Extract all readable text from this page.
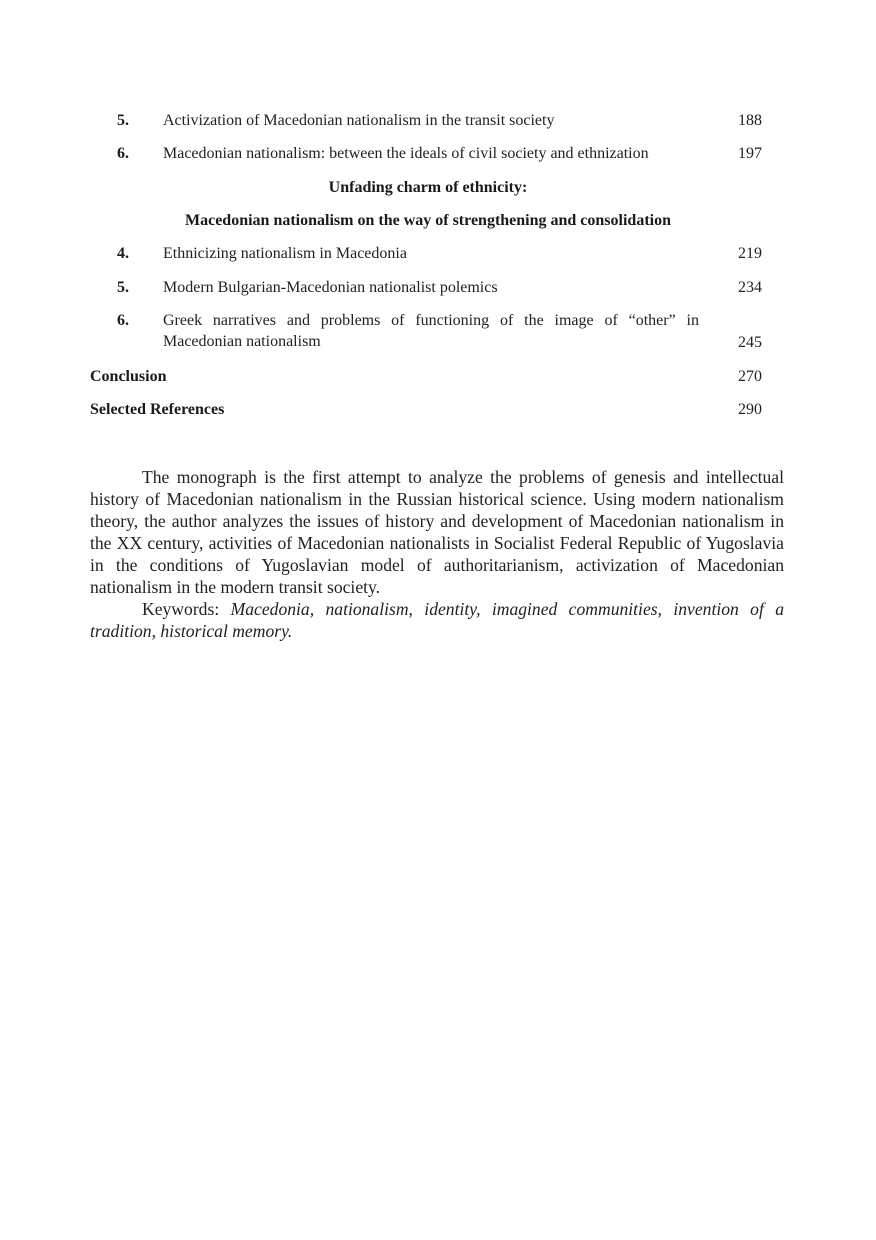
5. Activization of Macedonian nationalism in the transit society	188
6. Macedonian nationalism: between the ideals of civil society and ethnization	197
Unfading charm of ethnicity:
Macedonian nationalism on the way of strengthening and consolidation
4. Ethnicizing nationalism in Macedonia	219
5. Modern Bulgarian-Macedonian nationalist polemics	234
6. Greek narratives and problems of functioning of the image of “other” in Macedonian nationalism	245
Conclusion	270
Selected References	290

The monograph is the first attempt to analyze the problems of genesis and intellectual history of Macedonian nationalism in the Russian historical science. Using modern nationalism theory, the author analyzes the issues of history and development of Macedonian nationalism in the XX century, activities of Macedonian nationalists in Socialist Federal Republic of Yugoslavia in the conditions of Yugoslavian model of authoritarianism, activization of Macedonian nationalism in the modern transit society.

Keywords: Macedonia, nationalism, identity, imagined communities, invention of a tradition, historical memory.
